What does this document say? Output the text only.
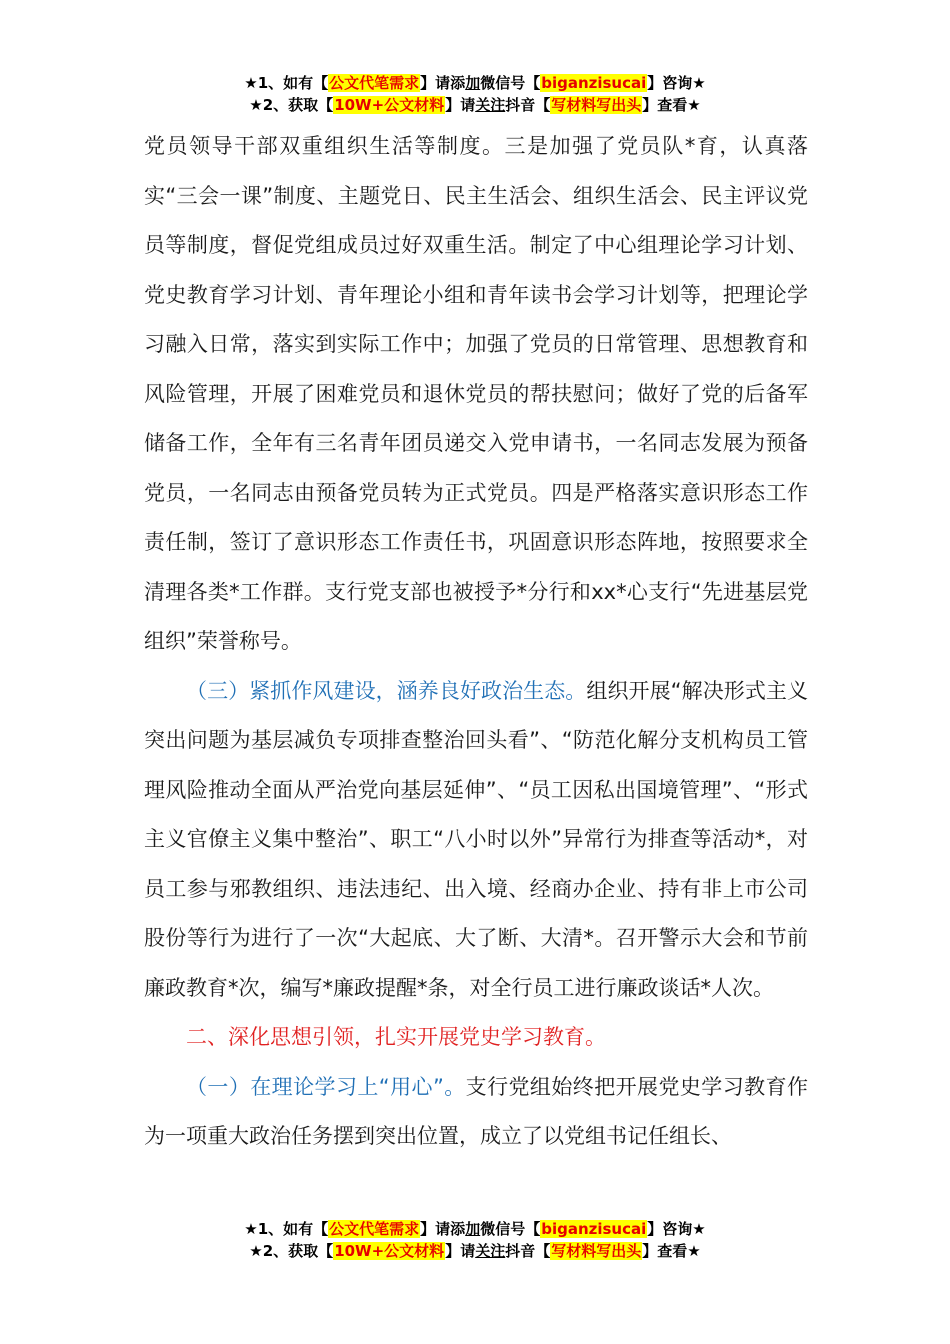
★1、如有【公文代笔需求】请添加微信号【biganzisucai】咨询★
★2、获取【10W+公文材料】请关注抖音【写材料写出头】查看★

党员领导干部双重组织生活等制度。三是加强了党员队*育，认真落实“三会一课”制度、主题党日、民主生活会、组织生活会、民主评议党员等制度，督促党组成员过好双重生活。制定了中心组理论学习计划、党史教育学习计划、青年理论小组和青年读书会学习计划等，把理论学习融入日常，落实到实际工作中；加强了党员的日常管理、思想教育和风险管理，开展了困难党员和退休党员的帮扶慰问；做好了党的后备军储备工作，全年有三名青年团员递交入党申请书，一名同志发展为预备党员，一名同志由预备党员转为正式党员。四是严格落实意识形态工作责任制，签订了意识形态工作责任书，巩固意识形态阵地，按照要求全清理各类*工作群。支行党支部也被授予*分行和xx*心支行“先进基层党组织”荣誉称号。

（三）紧抓作风建设，涵养良好政治生态。组织开展“解决形式主义突出问题为基层减负专项排查整治回头看”、“防范化解分支机构员工管理风险推动全面从严治党向基层延伸”、“员工因私出国境管理”、“形式主义官僚主义集中整治”、职工“八小时以外”异常行为排查等活动*，对员工参与邪教组织、违法违纪、出入境、经商办企业、持有非上市公司股份等行为进行了一次“大起底、大了断、大清*。召开警示大会和节前廉政教育*次，编写*廉政提醒*条，对全行员工进行廉政谈话*人次。

二、深化思想引领，扎实开展党史学习教育。

（一）在理论学习上“用心”。支行党组始终把开展党史学习教育作为一项重大政治任务摆到突出位置，成立了以党组书记任组长、

★1、如有【公文代笔需求】请添加微信号【biganzisucai】咨询★
★2、获取【10W+公文材料】请关注抖音【写材料写出头】查看★
